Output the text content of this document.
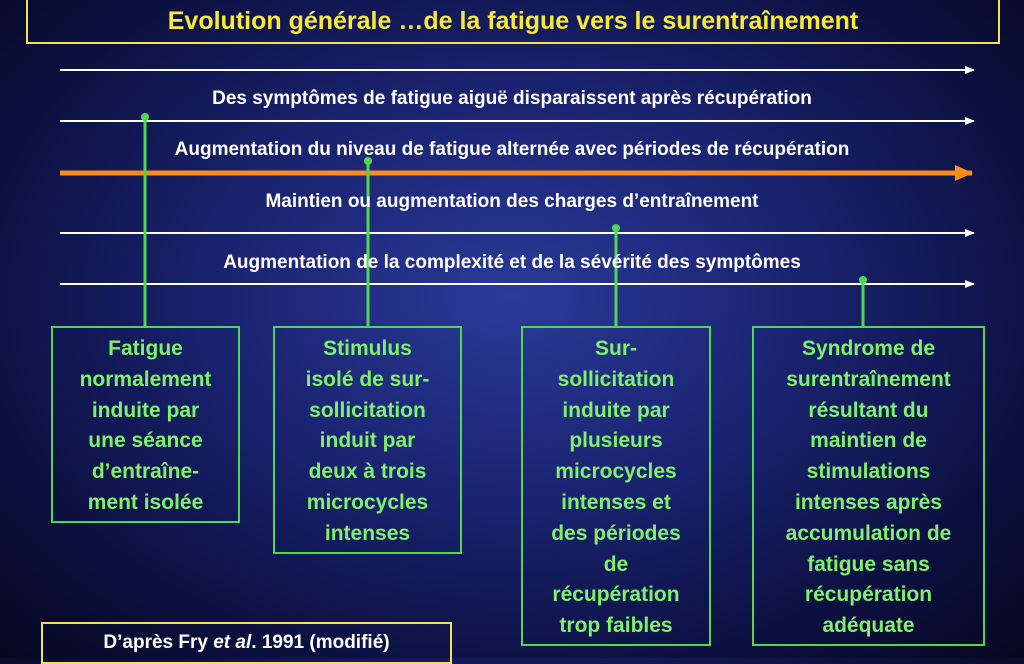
Evolution générale …de la fatigue vers le surentraînement
Des symptômes de fatigue aiguë disparaissent après récupération
Augmentation du niveau de fatigue alternée avec périodes de récupération
Maintien ou augmentation des charges d’entraînement
Augmentation de la complexité et de la sévérité des symptômes
Fatigue
normalement
induite par
une séance
d’entraîne-
ment isolée
Stimulus
isolé de sur-
sollicitation
induit par
deux à trois
microcycles
intenses
Sur-
sollicitation
induite par
plusieurs
microcycles
intenses et
des périodes
de
récupération
trop faibles
Syndrome de
surentraînement
résultant du
maintien de
stimulations
intenses après
accumulation de
fatigue sans
récupération
adéquate
D’après Fry et al . 1991 (modifié)
